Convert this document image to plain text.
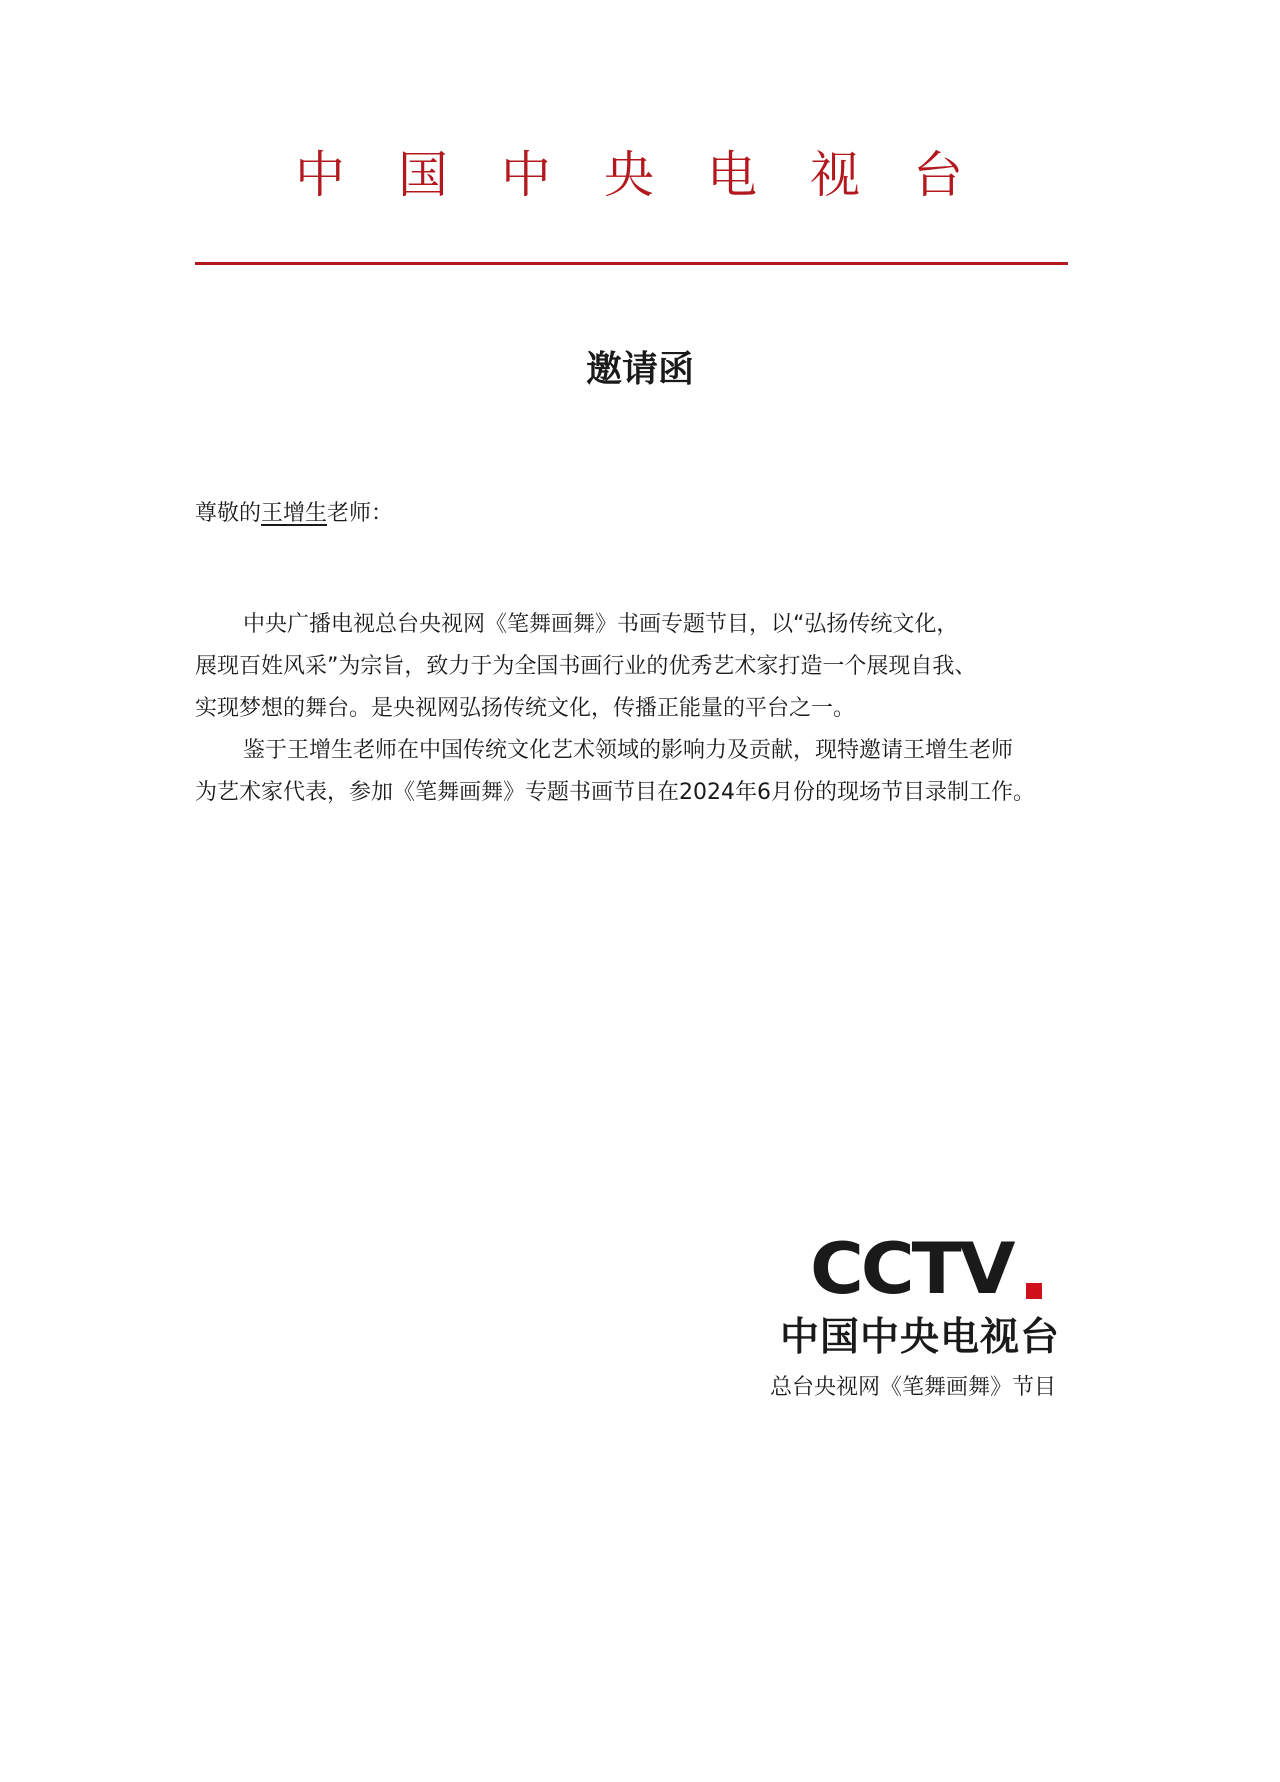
中 国 中 央 电 视 台
邀请函
尊敬的王增生老师：
中央广播电视总台央视网《笔舞画舞》书画专题节目，以“弘扬传统文化，
展现百姓风采”为宗旨，致力于为全国书画行业的优秀艺术家打造一个展现自我、
实现梦想的舞台。是央视网弘扬传统文化，传播正能量的平台之一。
鉴于王增生老师在中国传统文化艺术领域的影响力及贡献，现特邀请王增生老师
为艺术家代表，参加《笔舞画舞》专题书画节目在2024年6月份的现场节目录制工作。
CCTV
中国中央电视台
总台央视网《笔舞画舞》节目
